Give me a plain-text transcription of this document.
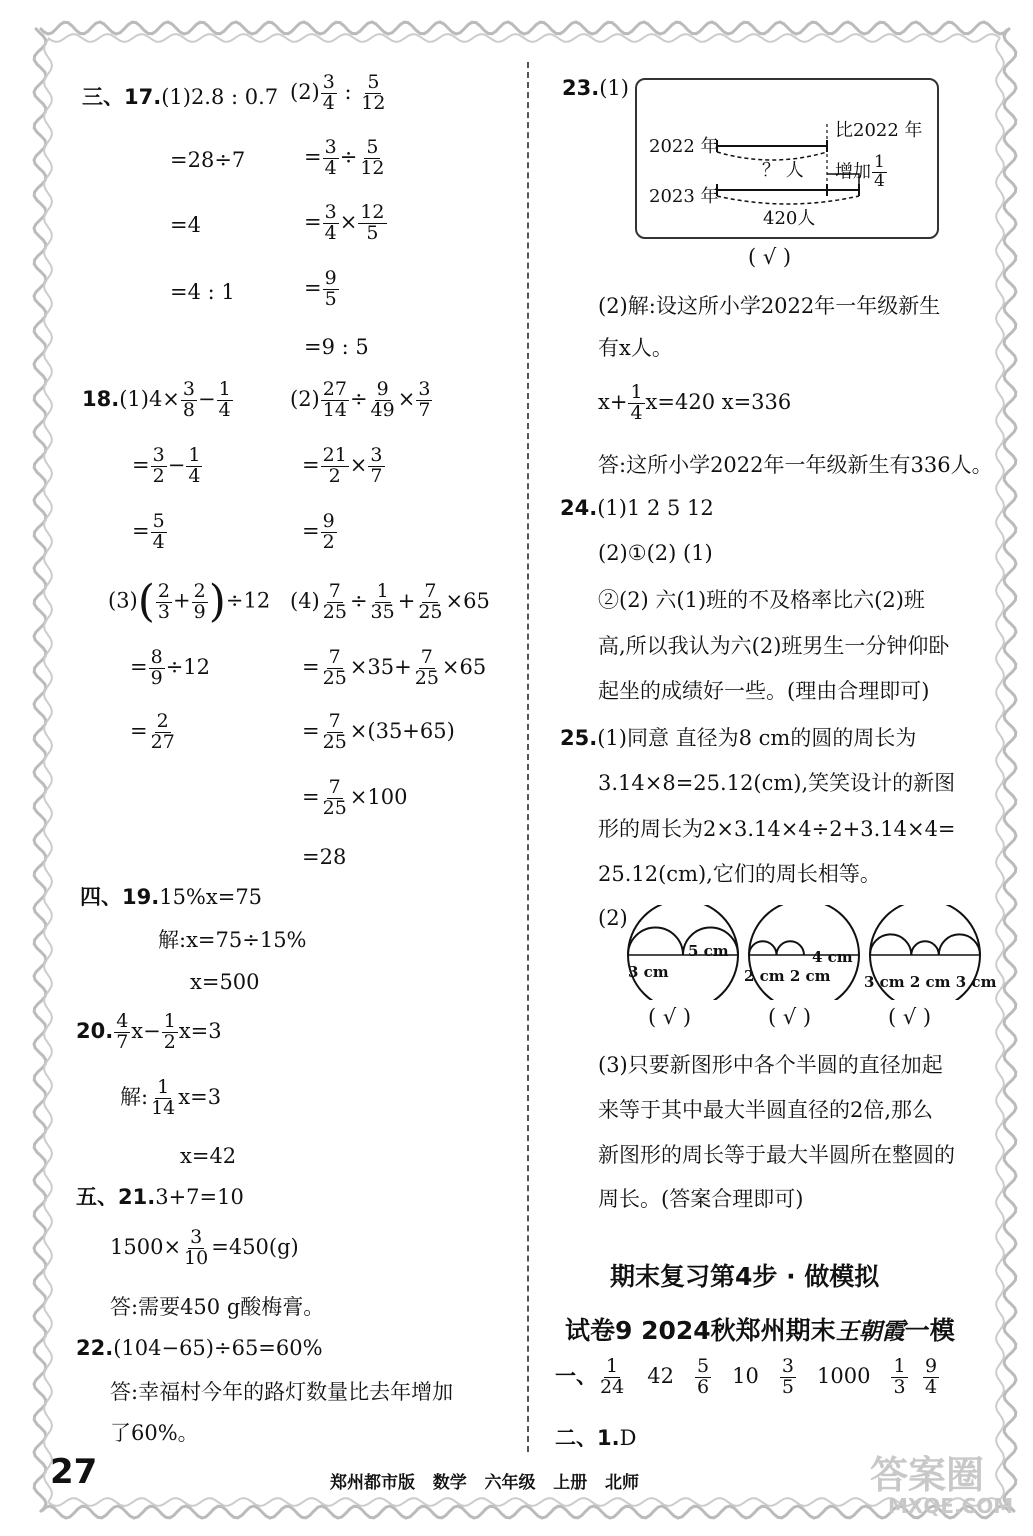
三、17.(1)2.8 : 0.7 $(2) \frac{3}{4}$ : $\frac{5}{12}$
=28÷7
=4
=4 : 1
= $\frac{3}{4} \div \frac{5}{12}$
= $\frac{3}{4} \times \frac{12}{5}$
= $\frac{9}{5}$
=9 : 5
$18.(1)4\times \frac{3}{8} - \frac{1}{4}$	$(2) \frac{27}{14} \div \frac{9}{49} \times \frac{3}{7}$
= $\frac{3}{2} - \frac{1}{4}$
= $\frac{5}{4}$
= $\frac{21}{2} \times \frac{3}{7}$
= $\frac{9}{2}$
$(3)( \frac{2}{3} + \frac{2}{9} )\div 12$ $(4) \frac{7}{25} \div \frac{1}{35} + \frac{7}{25} \times 65$
= $\frac{8}{9} \div 12$
= $\frac{2}{27}$
= $\frac{7}{25} \times 35+ \frac{7}{25} \times 65$
= $\frac{7}{25} \times(35+65)$
= $\frac{7}{25} \times 100$
=28
四、19.15%x=75
解:x=75÷15%
x=500
20. $\frac{4}{7} x- \frac{1}{2} x=3$
解: $\frac{1}{14} x=3$
x=42
五、21.3+7=10
$1500\times \frac{3}{10} =450(g)$
答:需要450 g酸梅膏。
22.(104−65)÷65=60%
答:幸福村今年的路灯数量比去年增加
了60%。
23.(1)
2022 年
2023 年
？ 人
420人
比2022 年
增加 $\frac{1}{4}$
( √ )
(2)解:设这所小学2022年一年级新生
有x人。
$x+ \frac{1}{4} x=420$ x=336
答:这所小学2022年一年级新生有336人。
24.(1)1 2 5 12
(2)①(2) (1)
②(2) 六(1)班的不及格率比六(2)班
高,所以我认为六(2)班男生一分钟仰卧
起坐的成绩好一些。(理由合理即可)
25.(1)同意 直径为8 cm的圆的周长为
3.14×8=25.12(cm),笑笑设计的新图
形的周长为2×3.14×4÷2+3.14×4=
25.12(cm),它们的周长相等。
(2)
5 cm
3 cm
4 cm
2 cm 2 cm 3 cm 2 cm 3 cm
( √ )	( √ )	( √ )
(3)只要新图形中各个半圆的直径加起
来等于其中最大半圆直径的2倍,那么
新图形的周长等于最大半圆所在整圆的
周长。(答案合理即可)
期末复习第4步 · 做模拟
试卷9 2024秋郑州期末王朝霞一模
一、 $\frac{1}{24} 42 \frac{5}{6} 10 \frac{3}{5} 1000 \frac{1}{3}$
$\frac{9}{4}$
二、1.D
27	郑州都市版   数学   六年级   上册   北师	答案圈
MXQE.COM
